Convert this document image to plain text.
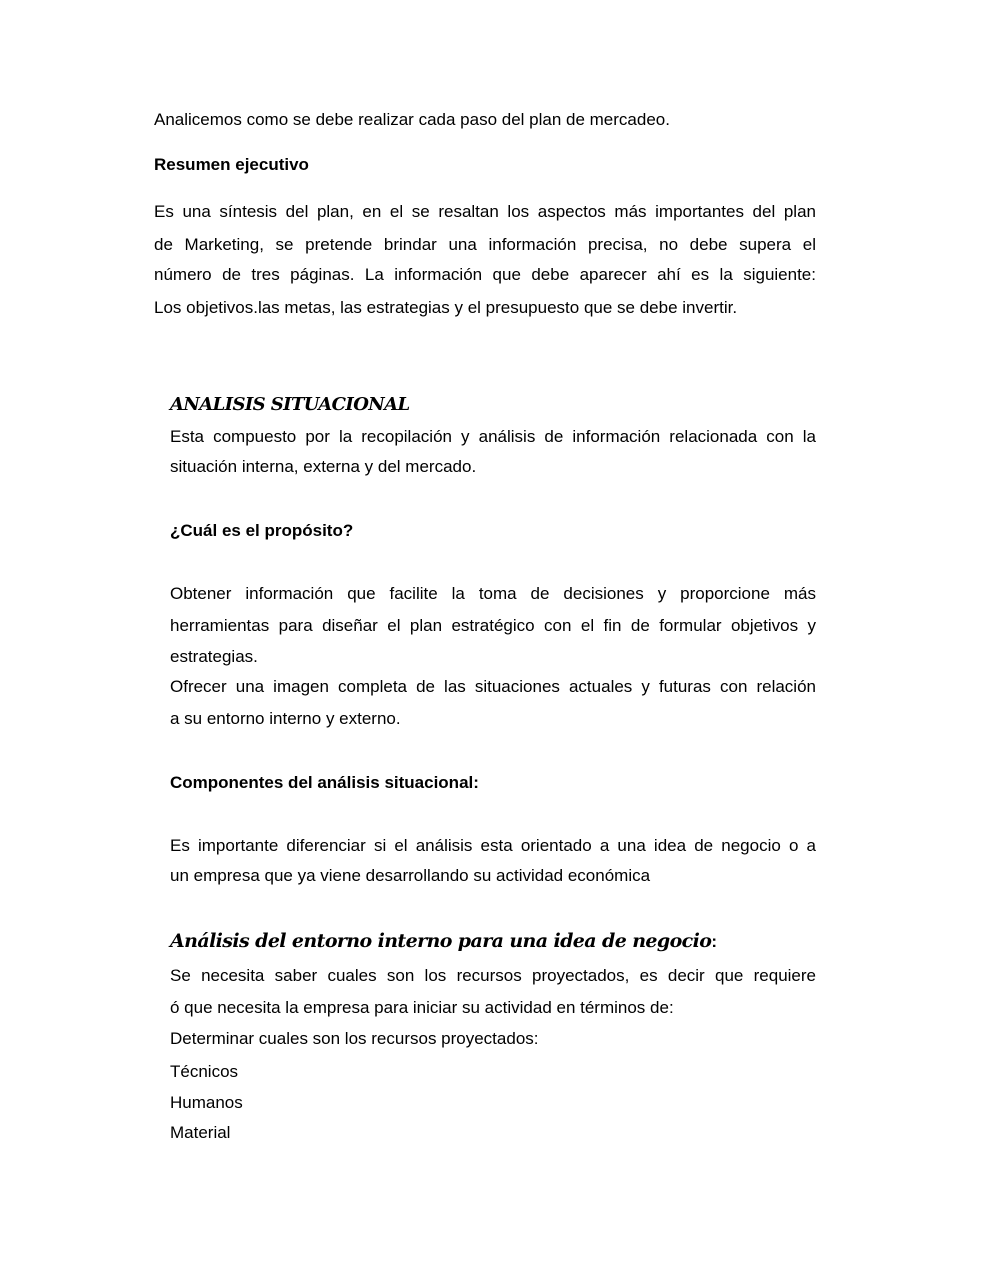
Analicemos como se debe realizar cada paso del plan de mercadeo.
Resumen ejecutivo
Es una síntesis del plan, en el se resaltan los aspectos más importantes del plan
de Marketing, se pretende brindar una información precisa, no debe supera el
número de tres páginas. La información que debe aparecer ahí es la siguiente:
Los objetivos.las metas, las estrategias y el presupuesto que se debe invertir.
ANALISIS SITUACIONAL
Esta compuesto por la recopilación y análisis de información relacionada con la
situación interna, externa y del mercado.
¿Cuál es el propósito?
Obtener información que facilite la toma de decisiones y proporcione más
herramientas para diseñar el plan estratégico con el fin de formular objetivos y
estrategias.
Ofrecer una imagen completa de las situaciones actuales y futuras con relación
a su entorno interno y externo.
Componentes del análisis situacional:
Es importante diferenciar si el análisis esta orientado a una idea de negocio o a
un empresa que ya viene desarrollando su actividad económica
Análisis del entorno interno para una idea de negocio:
Se necesita saber cuales son los recursos proyectados, es decir que requiere
ó que necesita la empresa para iniciar su actividad en términos de:
Determinar cuales son los recursos proyectados:
Técnicos
Humanos
Material
